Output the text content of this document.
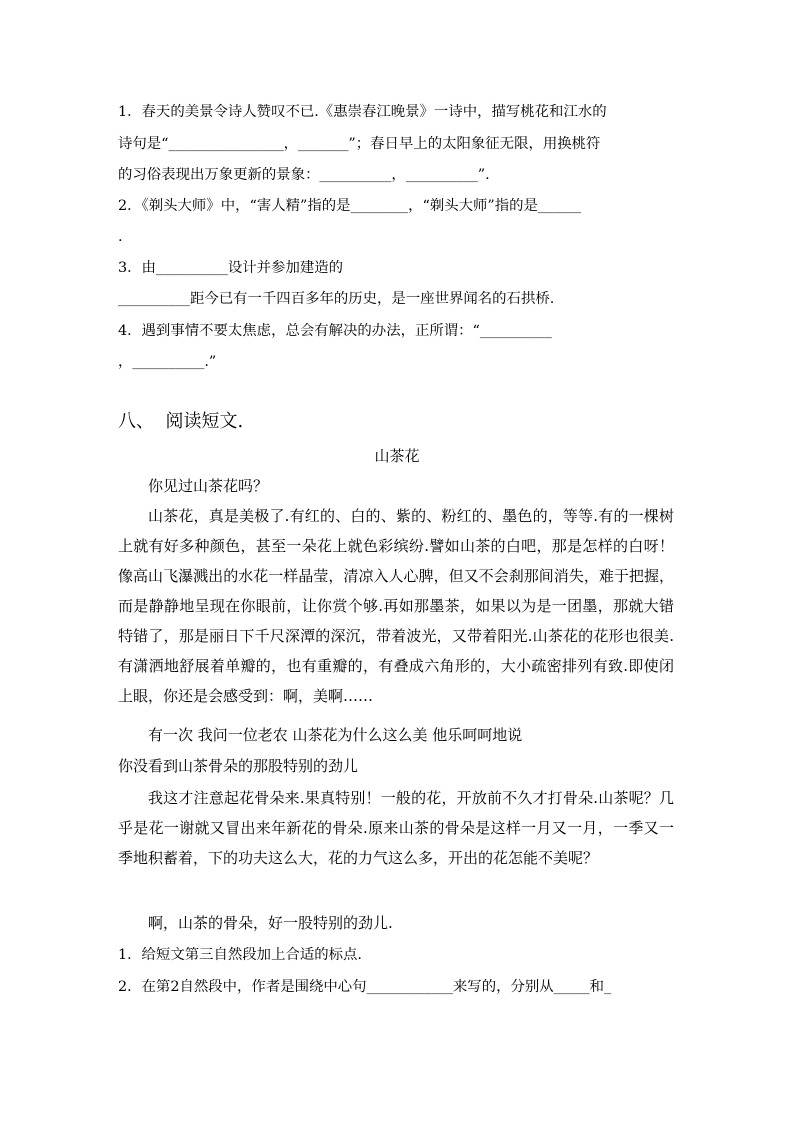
1．春天的美景令诗人赞叹不已.《惠崇春江晚景》一诗中，描写桃花和江水的
诗句是“________________，_______”；春日早上的太阳象征无限，用换桃符
的习俗表现出万象更新的景象：__________，__________”.
2．《剃头大师》中，“害人精”指的是________，“剃头大师”指的是______
.
3．由__________设计并参加建造的
__________距今已有一千四百多年的历史，是一座世界闻名的石拱桥.
4．遇到事情不要太焦虑，总会有解决的办法，正所谓：“__________
，__________.”
八、  阅读短文.
山茶花

你见过山茶花吗？

山茶花，真是美极了.有红的、白的、紫的、粉红的、墨色的，等等.有的一棵树上就有好多种颜色，甚至一朵花上就色彩缤纷.譬如山茶的白吧，那是怎样的白呀！像高山飞瀑溅出的水花一样晶莹，清凉入人心脾，但又不会刹那间消失，难于把握，而是静静地呈现在你眼前，让你赏个够.再如那墨茶，如果以为是一团墨，那就大错特错了，那是丽日下千尺深潭的深沉，带着波光，又带着阳光.山茶花的花形也很美.有潇洒地舒展着单瓣的，也有重瓣的，有叠成六角形的，大小疏密排列有致.即使闭上眼，你还是会感受到：啊，美啊……

有一次 我问一位老农 山茶花为什么这么美 他乐呵呵地说

你没看到山茶骨朵的那股特别的劲儿

我这才注意起花骨朵来.果真特别！一般的花，开放前不久才打骨朵.山茶呢？几乎是花一谢就又冒出来年新花的骨朵.原来山茶的骨朵是这样一月又一月，一季又一季地积蓄着，下的功夫这么大，花的力气这么多，开出的花怎能不美呢？

啊，山茶的骨朵，好一股特别的劲儿.

1．给短文第三自然段加上合适的标点.
2．在第2自然段中，作者是围绕中心句____________来写的，分别从_____和_
